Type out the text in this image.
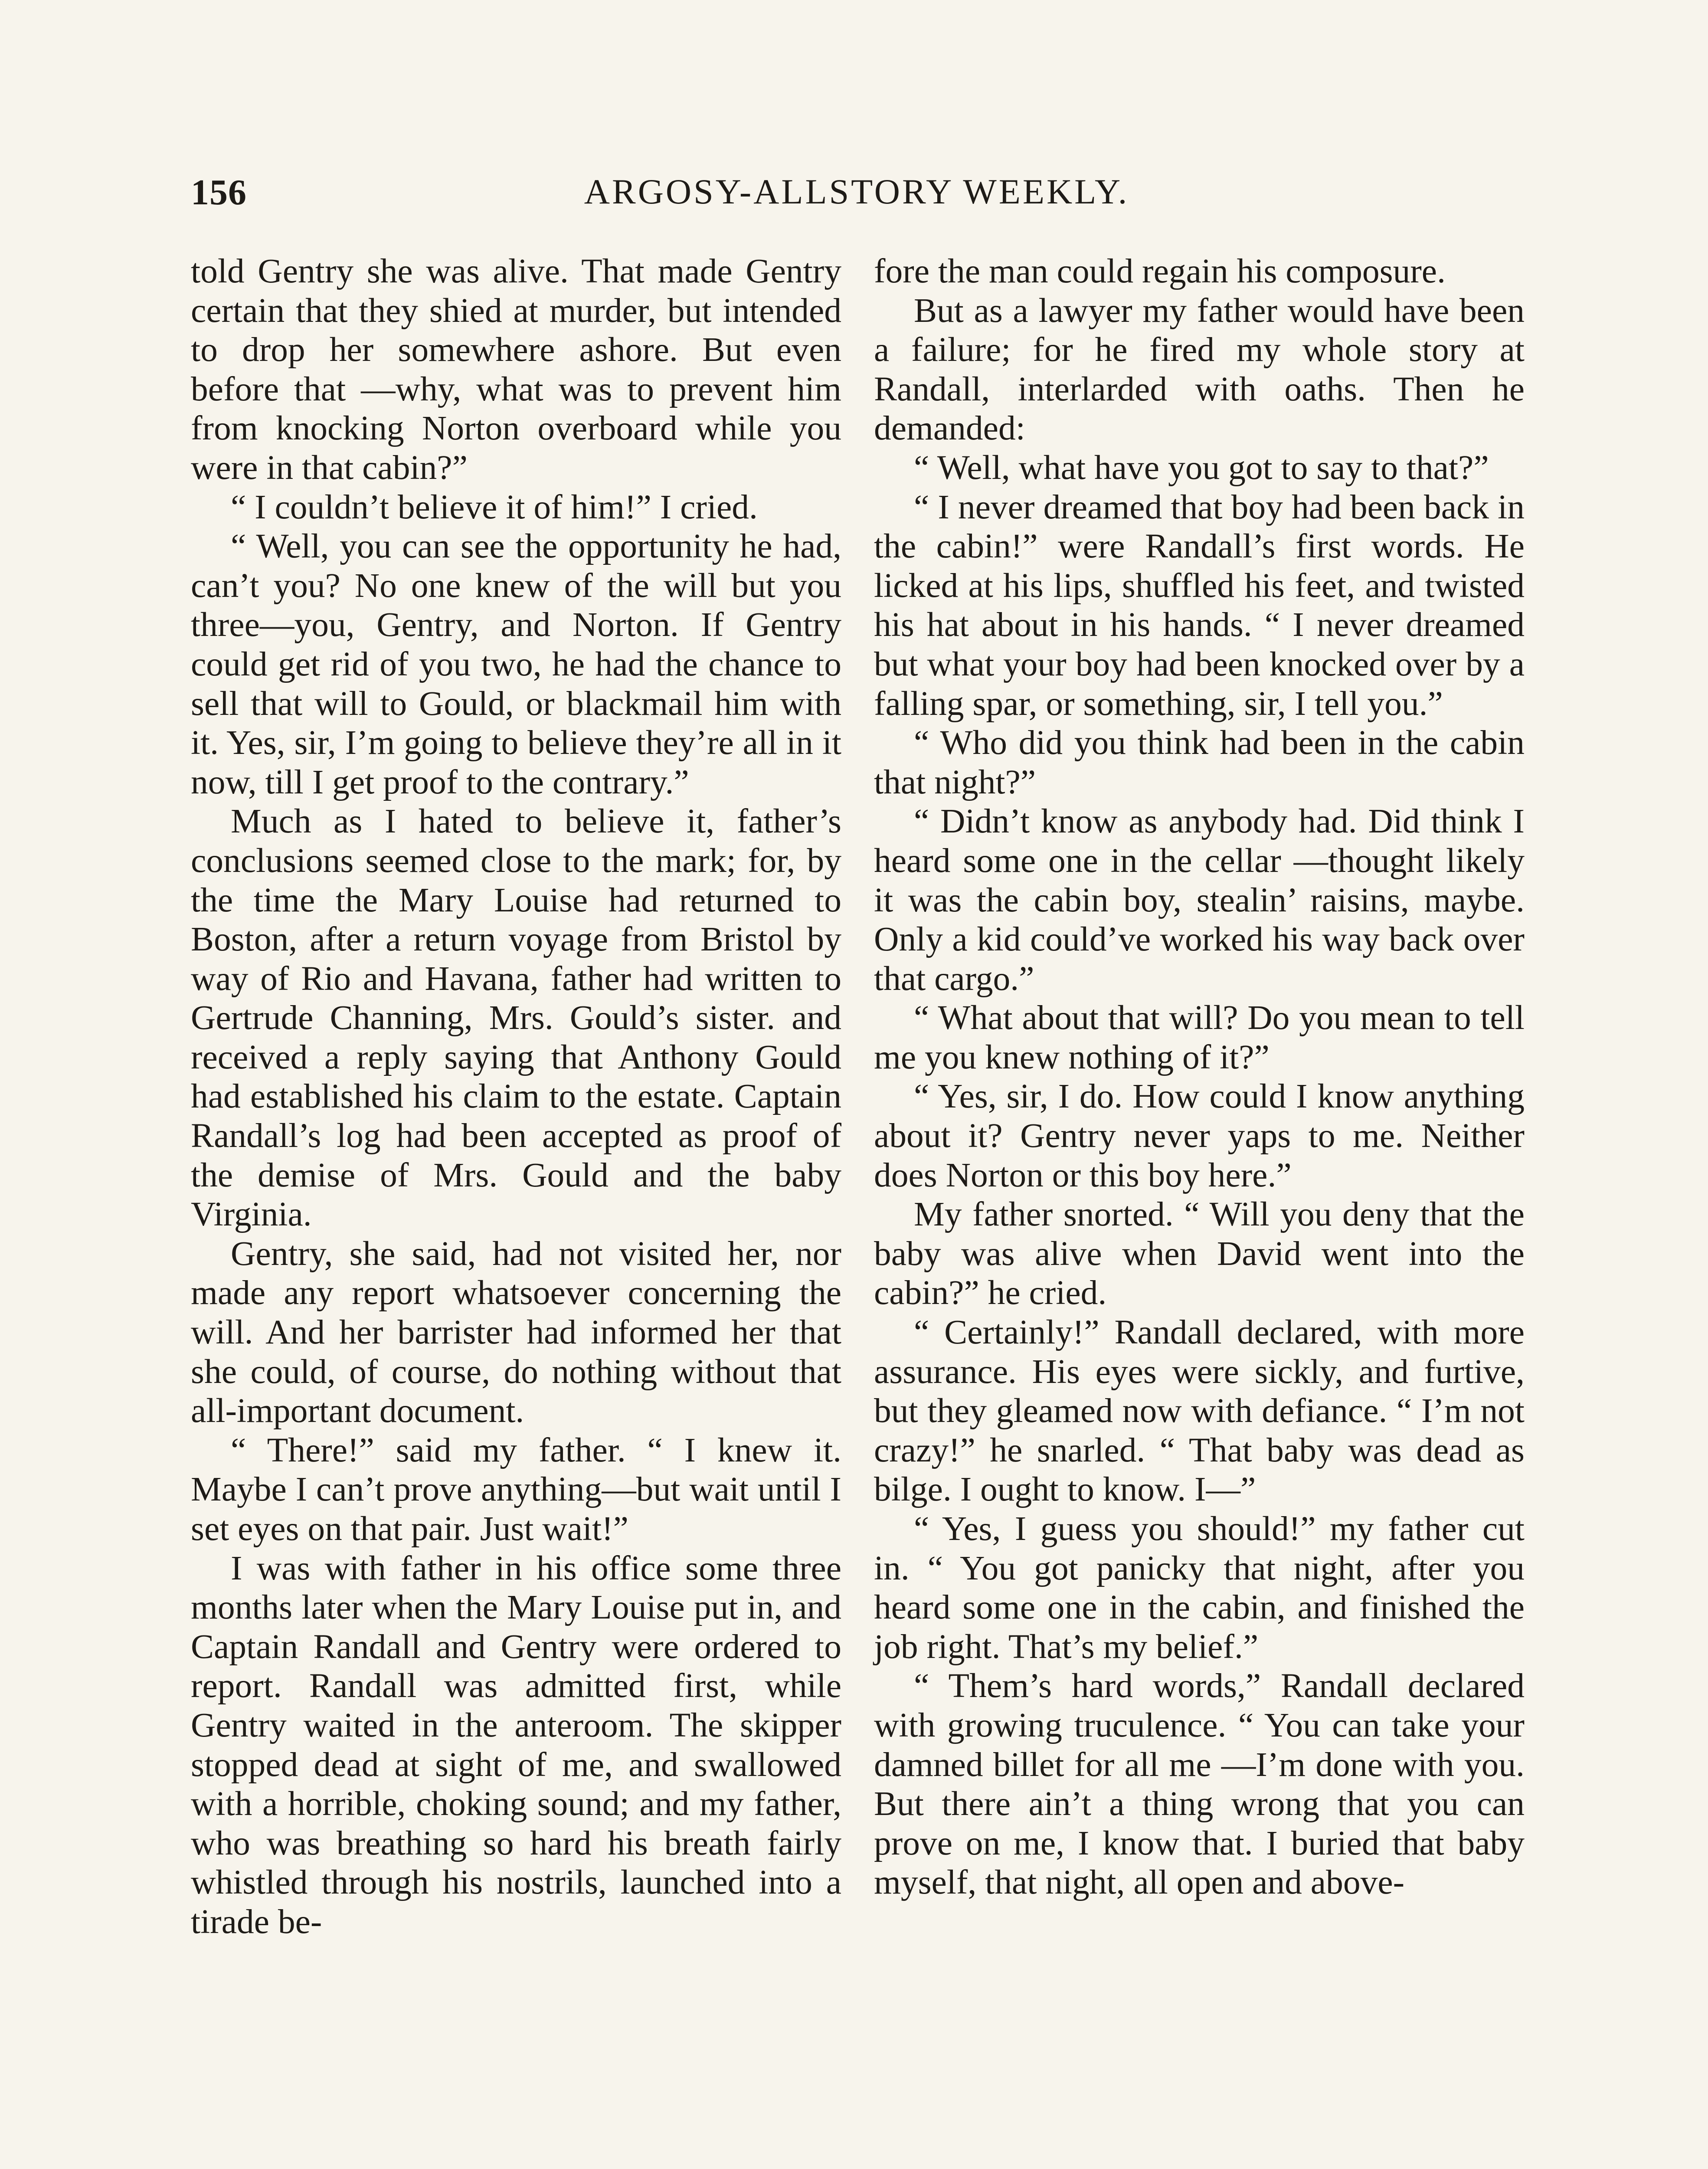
156	ARGOSY-ALLSTORY WEEKLY.

told Gentry she was alive. That made Gentry certain that they shied at murder, but intended to drop her somewhere ashore. But even before that —why, what was to prevent him from knocking Norton overboard while you were in that cabin?”

“ I couldn’t believe it of him!” I cried.

“ Well, you can see the opportunity he had, can’t you? No one knew of the will but you three—you, Gentry, and Norton. If Gentry could get rid of you two, he had the chance to sell that will to Gould, or blackmail him with it. Yes, sir, I’m going to believe they’re all in it now, till I get proof to the contrary.”

Much as I hated to believe it, father’s conclusions seemed close to the mark; for, by the time the Mary Louise had returned to Boston, after a return voyage from Bristol by way of Rio and Havana, father had written to Gertrude Channing, Mrs. Gould’s sister. and received a reply saying that Anthony Gould had established his claim to the estate. Captain Randall’s log had been accepted as proof of the demise of Mrs. Gould and the baby Virginia.

Gentry, she said, had not visited her, nor made any report whatsoever concerning the will. And her barrister had informed her that she could, of course, do nothing without that all-important document.

“ There!” said my father. “ I knew it. Maybe I can’t prove anything—but wait until I set eyes on that pair. Just wait!”

I was with father in his office some three months later when the Mary Louise put in, and Captain Randall and Gentry were ordered to report. Randall was admitted first, while Gentry waited in the anteroom. The skipper stopped dead at sight of me, and swallowed with a horrible, choking sound; and my father, who was breathing so hard his breath fairly whistled through his nostrils, launched into a tirade be-

fore the man could regain his composure.

But as a lawyer my father would have been a failure; for he fired my whole story at Randall, interlarded with oaths. Then he demanded:

“ Well, what have you got to say to that?”

“ I never dreamed that boy had been back in the cabin!” were Randall’s first words. He licked at his lips, shuffled his feet, and twisted his hat about in his hands. “ I never dreamed but what your boy had been knocked over by a falling spar, or something, sir, I tell you.”

“ Who did you think had been in the cabin that night?”

“ Didn’t know as anybody had. Did think I heard some one in the cellar —thought likely it was the cabin boy, stealin’ raisins, maybe. Only a kid could’ve worked his way back over that cargo.”

“ What about that will? Do you mean to tell me you knew nothing of it?”

“ Yes, sir, I do. How could I know anything about it? Gentry never yaps to me. Neither does Norton or this boy here.”

My father snorted. “ Will you deny that the baby was alive when David went into the cabin?” he cried.

“ Certainly!” Randall declared, with more assurance. His eyes were sickly, and furtive, but they gleamed now with defiance. “ I’m not crazy!” he snarled. “ That baby was dead as bilge. I ought to know. I—”

“ Yes, I guess you should!” my father cut in. “ You got panicky that night, after you heard some one in the cabin, and finished the job right. That’s my belief.”

“ Them’s hard words,” Randall declared with growing truculence. “ You can take your damned billet for all me —I’m done with you. But there ain’t a thing wrong that you can prove on me, I know that. I buried that baby myself, that night, all open and above-
